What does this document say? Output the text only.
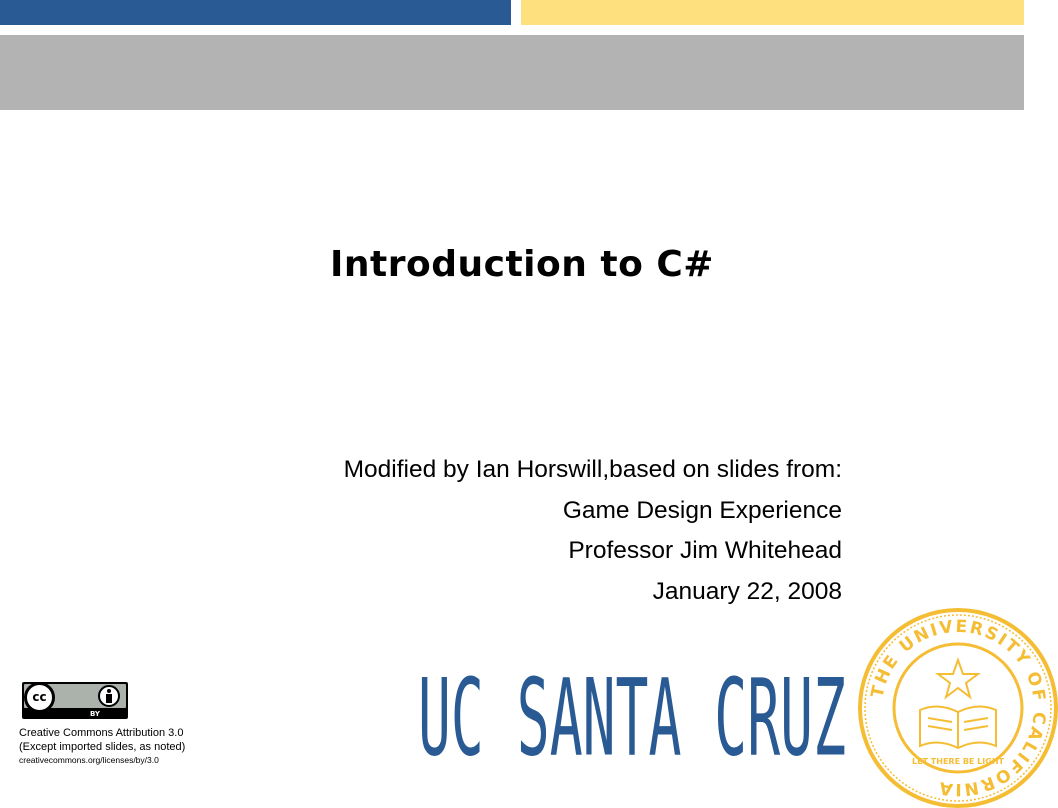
Introduction to C#
Modified by Ian Horswill,based on slides from:
Game Design Experience
Professor Jim Whitehead
January 22, 2008
cc
BY
Creative Commons Attribution 3.0
(Except imported slides, as noted)
creativecommons.org/licenses/by/3.0 UC SANTA CRUZ THE UNIVERSITY OF CALIFORNIA
LET THERE BE LIGHT
